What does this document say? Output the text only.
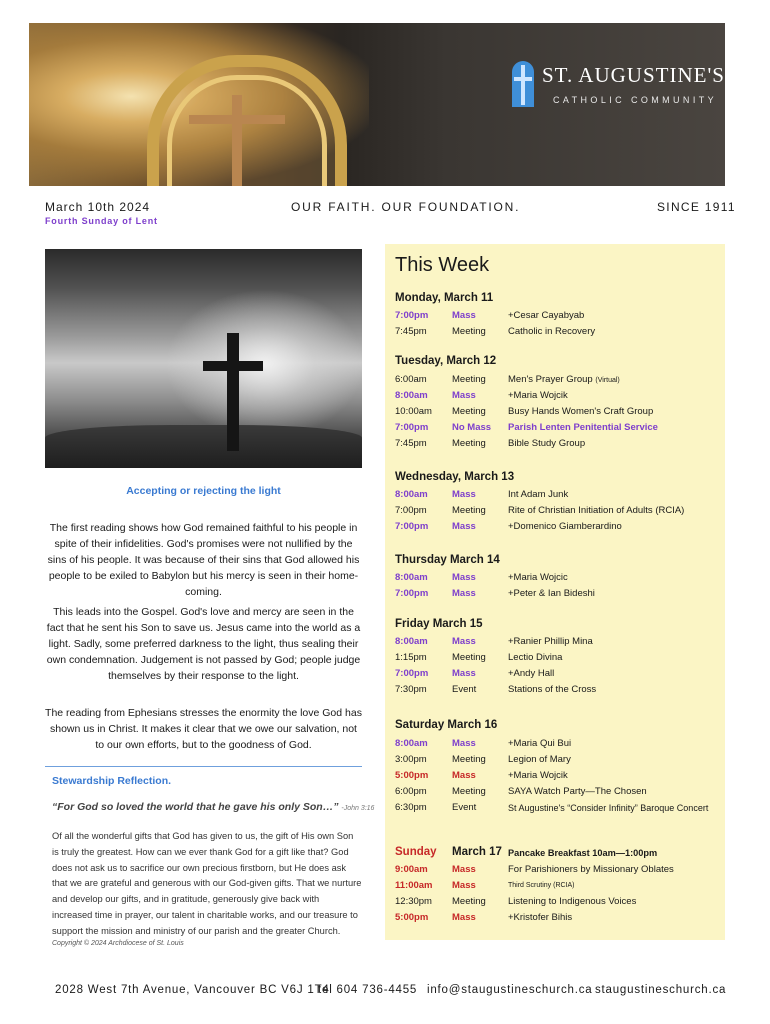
ST. AUGUSTINE'S
CATHOLIC COMMUNITY
March 10th 2024
Fourth Sunday of Lent
OUR FAITH. OUR FOUNDATION.	SINCE 1911
Accepting or rejecting the light
The first reading shows how God remained faithful to his people in spite of their infidelities. God's promises were not nullified by the sins of his people. It was because of their sins that God allowed his people to be exiled to Babylon but his mercy is seen in their home-coming.
This leads into the Gospel. God's love and mercy are seen in the fact that he sent his Son to save us. Jesus came into the world as a light. Sadly, some preferred darkness to the light, thus sealing their own condemnation. Judgement is not passed by God; people judge themselves by their response to the light.
The reading from Ephesians stresses the enormity the love God has shown us in Christ. It makes it clear that we owe our salvation, not to our own efforts, but to the goodness of God.
Stewardship Reflection.
“For God so loved the world that he gave his only Son…” -John 3:16
Of all the wonderful gifts that God has given to us, the gift of His own Son is truly the greatest. How can we ever thank God for a gift like that? God does not ask us to sacrifice our own precious firstborn, but He does ask that we are grateful and generous with our God-given gifts. That we nurture and develop our gifts, and in gratitude, generously give back with increased time in prayer, our talent in charitable works, and our treasure to support the mission and ministry of our parish and the greater Church.
Copyright © 2024 Archdiocese of St. Louis
This Week
Monday, March 11
7:00pm Mass	+Cesar Cayabyab
7:45pm	Meeting Catholic in Recovery
Tuesday, March 12
6:00am	Meeting Men's Prayer Group (Virtual)
8:00am	Mass	+Maria Wojcik
10:00am Meeting Busy Hands Women's Craft Group
7:00pm No Mass Parish Lenten Penitential Service
7:45pm	Meeting Bible Study Group
Wednesday, March 13
8:00am	Mass	Int Adam Junk
7:00pm	Meeting Rite of Christian Initiation of Adults (RCIA)
7:00pm Mass	+Domenico Giamberardino
Thursday March 14
8:00am	Mass	+Maria Wojcic
7:00pm Mass	+Peter & Ian Bideshi
Friday March 15
8:00am	Mass	+Ranier Phillip Mina
1:15pm	Meeting Lectio Divina
7:00pm Mass	+Andy Hall
7:30pm	Event	Stations of the Cross
Saturday March 16
8:00am	Mass	+Maria Qui Bui
3:00pm	Meeting Legion of Mary
5:00pm Mass	+Maria Wojcik
6:00pm	Meeting SAYA Watch Party—The Chosen
6:30pm	Event	St Augustine's “Consider Infinity” Baroque Concert
Sunday March 17 Pancake Breakfast 10am—1:00pm
9:00am	Mass	For Parishioners by Missionary Oblates
11:00am Mass	Third Scrutiny (RCIA)
12:30pm Meeting Listening to Indigenous Voices
5:00pm Mass	+Kristofer Bihis
2028 West 7th Avenue, Vancouver BC V6J 1T4
tel 604 736-4455 info@staugustineschurch.ca staugustineschurch.ca
